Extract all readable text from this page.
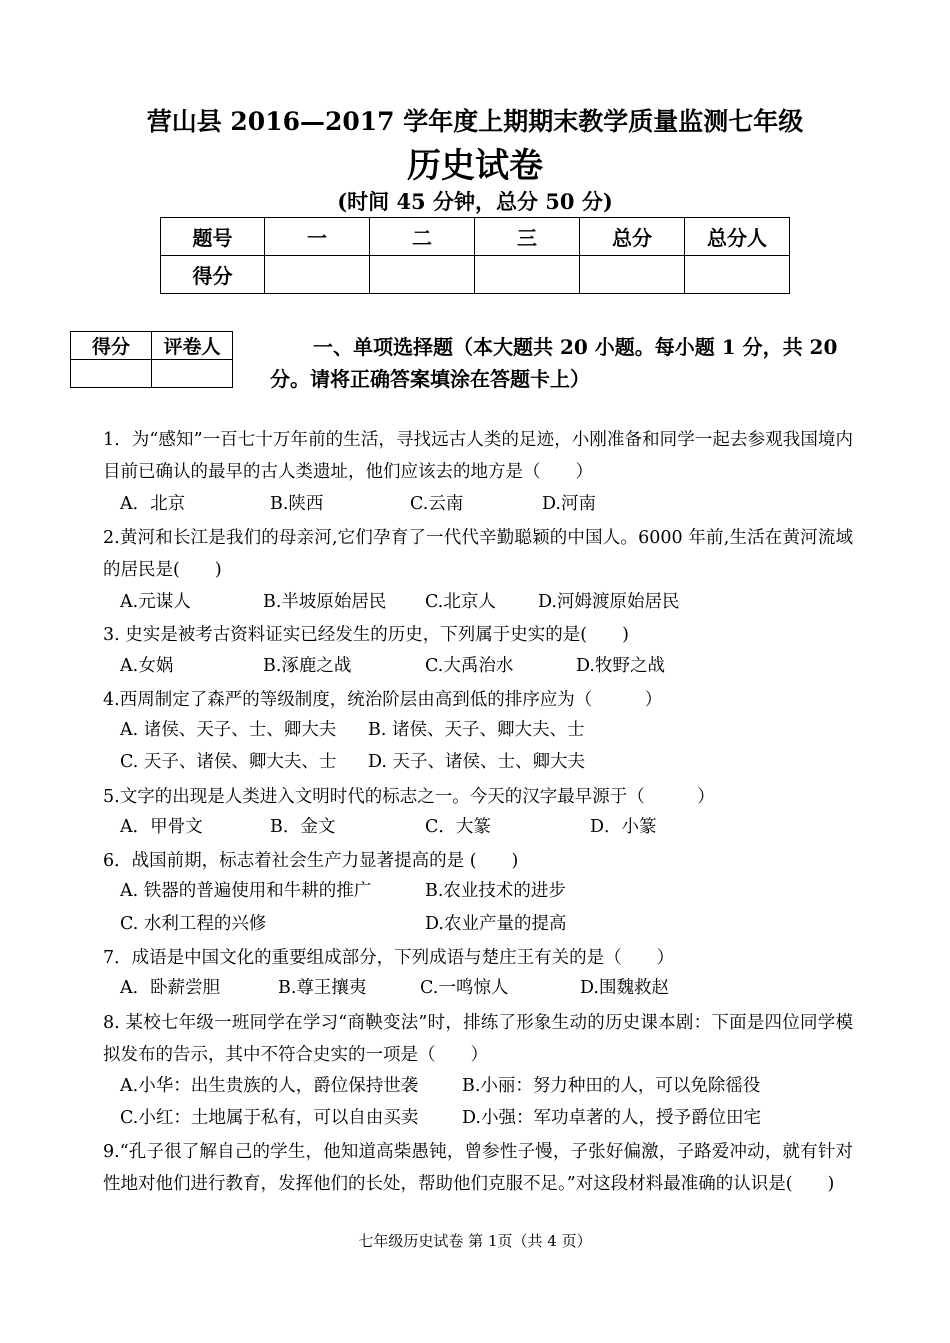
营山县 2016—2017 学年度上期期末教学质量监测七年级
历史试卷
(时间 45 分钟，总分 50 分)
题号	一	二	三	总分	总分人
得分					
得分	评卷人
		一、单项选择题（本大题共 20 小题。每小题 1 分，共 20 分。请将正确答案填涂在答题卡上）
1．为“感知”一百七十万年前的生活，寻找远古人类的足迹，小刚准备和同学一起去参观我国境内目前已确认的最早的古人类遗址，他们应该去的地方是（　　）
A．北京	B.陕西	C.云南	D.河南
2.黄河和长江是我们的母亲河,它们孕育了一代代辛勤聪颖的中国人。6000 年前,生活在黄河流域的居民是(　　)
A.元谋人	B.半坡原始居民 C.北京人 D.河姆渡原始居民
3. 史实是被考古资料证实已经发生的历史，下列属于史实的是(　　)
A.女娲	B.涿鹿之战	C.大禹治水	D.牧野之战
4.西周制定了森严的等级制度，统治阶层由高到低的排序应为（　　　）
A. 诸侯、天子、士、卿大夫 B. 诸侯、天子、卿大夫、士
C. 天子、诸侯、卿大夫、士 D. 天子、诸侯、士、卿大夫
5.文字的出现是人类进入文明时代的标志之一。今天的汉字最早源于（　　　）
A．甲骨文	B．金文	C．大篆	D．小篆
6．战国前期，标志着社会生产力显著提高的是 (　　)
A. 铁器的普遍使用和牛耕的推广	B.农业技术的进步
C. 水利工程的兴修	D.农业产量的提高
7．成语是中国文化的重要组成部分，下列成语与楚庄王有关的是（　　）
A．卧薪尝胆	B.尊王攘夷	C.一鸣惊人	D.围魏救赵
8. 某校七年级一班同学在学习“商鞅变法”时，排练了形象生动的历史课本剧：下面是四位同学模拟发布的告示，其中不符合史实的一项是（　　）
A.小华：出生贵族的人，爵位保持世袭	B.小丽：努力种田的人，可以免除徭役
C.小红：土地属于私有，可以自由买卖 D.小强：军功卓著的人，授予爵位田宅
9.“孔子很了解自己的学生，他知道高柴愚钝，曾参性子慢，子张好偏激，子路爱冲动，就有针对性地对他们进行教育，发挥他们的长处，帮助他们克服不足。”对这段材料最准确的认识是(　　)
七年级历史试卷 第 1页（共 4 页）
